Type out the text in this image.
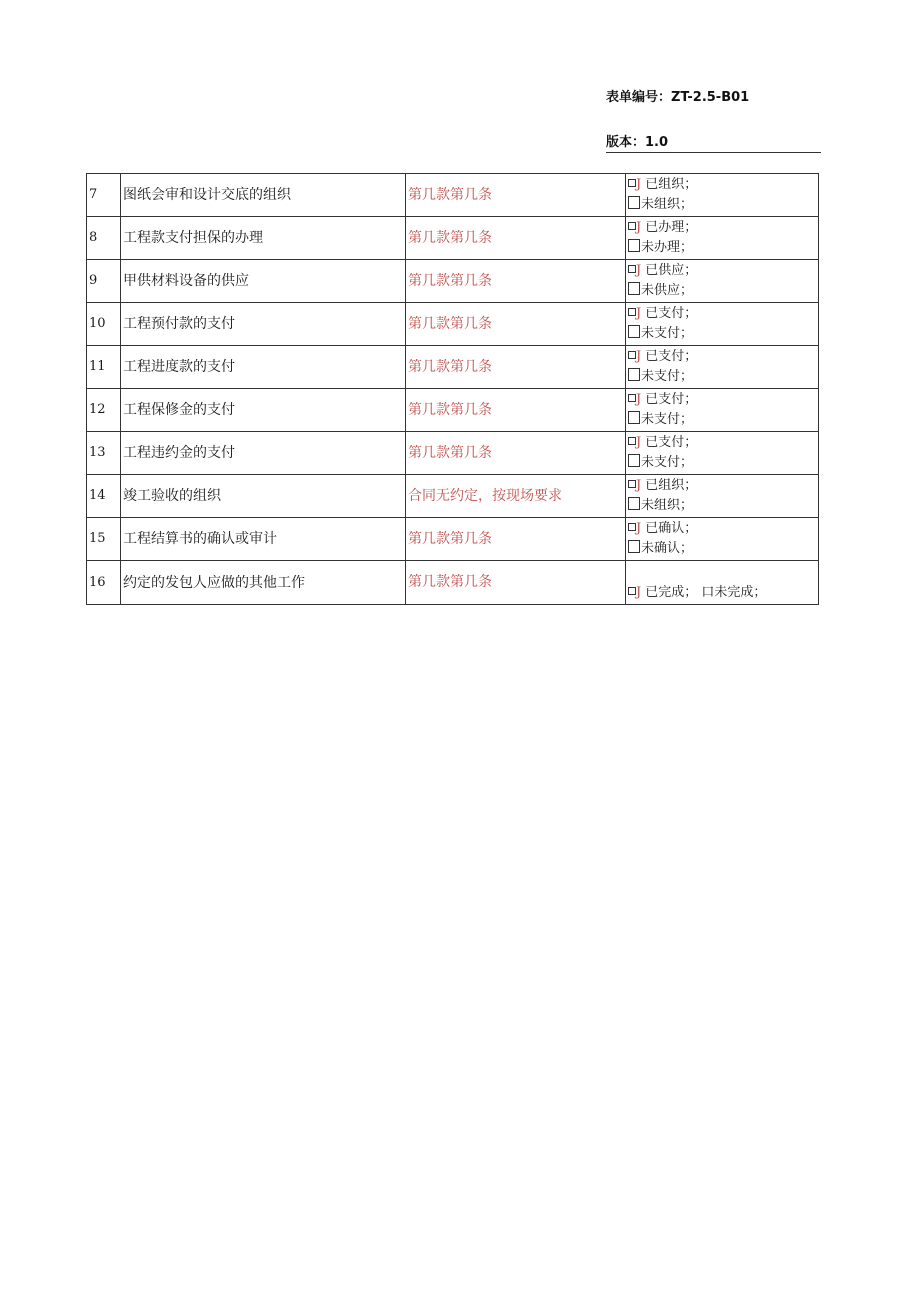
表单编号：ZT-2.5-B01
版本：1.0
7	图纸会审和设计交底的组织	第几款第几条	J 已组织；
未组织；

8	工程款支付担保的办理	第几款第几条	J 已办理；
未办理；

9	甲供材料设备的供应	第几款第几条	J 已供应；
未供应；

10	工程预付款的支付	第几款第几条	J 已支付；
未支付；

11	工程进度款的支付	第几款第几条	J 已支付；
未支付；

12	工程保修金的支付	第几款第几条	J 已支付；
未支付；

13	工程违约金的支付	第几款第几条	J 已支付；
未支付；

14	竣工验收的组织	合同无约定，按现场要求	J 已组织；
未组织；

15	工程结算书的确认或审计	第几款第几条	J 已确认；
未确认；

16	约定的发包人应做的其他工作	第几款第几条	J 已完成； 口未完成；
